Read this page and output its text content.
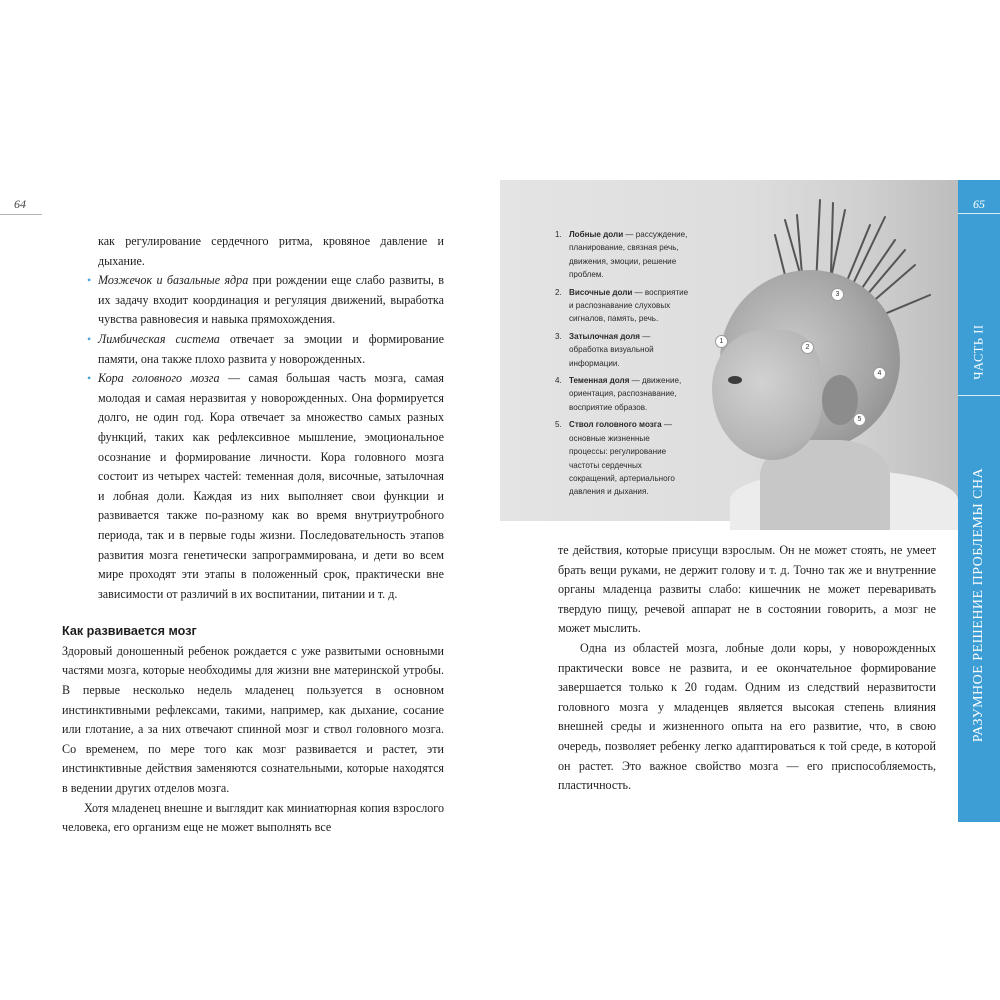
64

как регулирование сердечного ритма, кровяное давление и дыхание.

• Мозжечок и базальные ядра при рождении еще слабо развиты, в их задачу входит координация и регуляция движений, выработка чувства равновесия и навыка прямохождения.
• Лимбическая система отвечает за эмоции и формирование памяти, она также плохо развита у новорожденных.
• Кора головного мозга — самая большая часть мозга, самая молодая и самая неразвитая у новорожденных. Она формируется долго, не один год. Кора отвечает за множество самых разных функций, таких как рефлексивное мышление, эмоциональное осознание и формирование личности. Кора головного мозга состоит из четырех частей: теменная доля, височные, затылочная и лобная доли. Каждая из них выполняет свои функции и развивается также по-разному как во время внутриутробного периода, так и в первые годы жизни. Последовательность этапов развития мозга генетически запрограммирована, и дети во всем мире проходят эти этапы в положенный срок, практически вне зависимости от различий в их воспитании, питании и т. д.
Как развивается мозг

Здоровый доношенный ребенок рождается с уже развитыми основными частями мозга, которые необходимы для жизни вне материнской утробы. В первые несколько недель младенец пользуется в основном инстинктивными рефлексами, такими, например, как дыхание, сосание или глотание, а за них отвечают спинной мозг и ствол головного мозга. Со временем, по мере того как мозг развивается и растет, эти инстинктивные действия заменяются сознательными, которые находятся в ведении других отделов мозга.

Хотя младенец внешне и выглядит как миниатюрная копия взрослого человека, его организм еще не может выполнять все

1
2
3
4
5
1. Лобные доли — рассуждение, планирование, связная речь, движения, эмоции, решение проблем.
2. Височные доли — восприятие и распознавание слуховых сигналов, память, речь.
3. Затылочная доля — обработка визуальной информации.
4. Теменная доля — движение, ориентация, распознавание, восприятие образов.
5. Ствол головного мозга — основные жизненные процессы: регулирование частоты сердечных сокращений, артериального давления и дыхания.

те действия, которые присущи взрослым. Он не может стоять, не умеет брать вещи руками, не держит голову и т. д. Точно так же и внутренние органы младенца развиты слабо: кишечник не может переваривать твердую пищу, речевой аппарат не в состоянии говорить, а мозг не может мыслить.

Одна из областей мозга, лобные доли коры, у новорожденных практически вовсе не развита, и ее окончательное формирование завершается только к 20 годам. Одним из следствий неразвитости головного мозга у младенцев является высокая степень влияния внешней среды и жизненного опыта на его развитие, что, в свою очередь, позволяет ребенку легко адаптироваться к той среде, в которой он растет. Это важное свойство мозга — его приспособляемость, пластичность.

65
ЧАСТЬ II
РАЗУМНОЕ РЕШЕНИЕ ПРОБЛЕМЫ СНА
